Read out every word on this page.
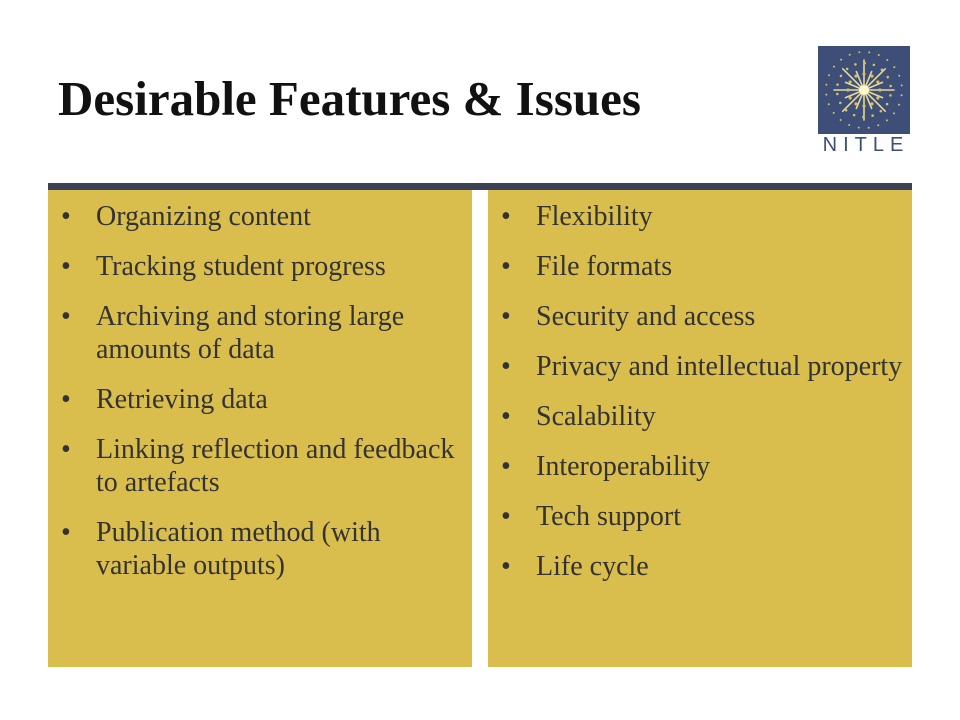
Desirable Features & Issues
NITLE
• Organizing content
• Tracking student progress
• Archiving and storing large amounts of data
• Retrieving data
• Linking reflection and feedback to artefacts
• Publication method (with variable outputs)
• Flexibility
• File formats
• Security and access
• Privacy and intellectual property
• Scalability
• Interoperability
• Tech support
• Life cycle
